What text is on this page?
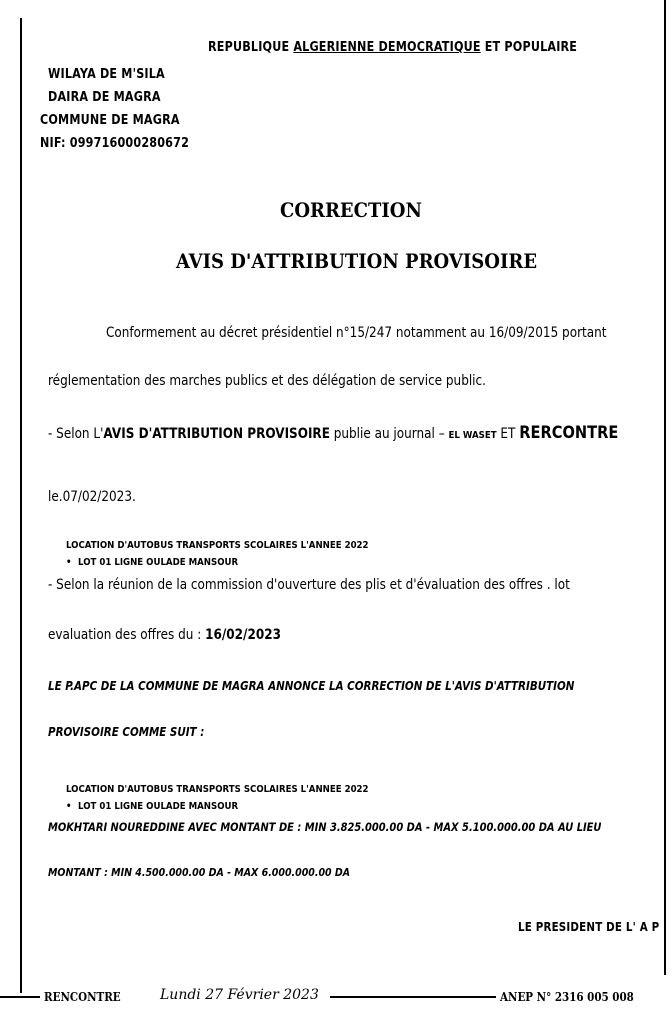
REPUBLIQUE ALGERIENNE DEMOCRATIQUE ET POPULAIRE
WILAYA DE M'SILA
DAIRA DE MAGRA
COMMUNE DE MAGRA
NIF: 099716000280672
CORRECTION
AVIS D'ATTRIBUTION PROVISOIRE
Conformement au décret présidentiel n°15/247 notamment au 16/09/2015 portant
réglementation des marches publics et des délégation de service public.
- Selon L'AVIS D'ATTRIBUTION PROVISOIRE publie au journal – EL WASET ET RERCONTRE
le.07/02/2023.
LOCATION D'AUTOBUS TRANSPORTS SCOLAIRES L'ANNEE 2022
• LOT 01 LIGNE OULADE MANSOUR
- Selon la réunion de la commission d'ouverture des plis et d'évaluation des offres . lot
evaluation des offres du : 16/02/2023
LE P.APC DE LA COMMUNE DE MAGRA ANNONCE LA CORRECTION DE L'AVIS D'ATTRIBUTION
PROVISOIRE COMME SUIT :
LOCATION D'AUTOBUS TRANSPORTS SCOLAIRES L'ANNEE 2022
• LOT 01 LIGNE OULADE MANSOUR
MOKHTARI NOUREDDINE AVEC MONTANT DE : MIN 3.825.000.00 DA - MAX 5.100.000.00 DA AU LIEU
MONTANT : MIN 4.500.000.00 DA - MAX 6.000.000.00 DA
LE PRESIDENT DE L' A P .
RENCONTRE	Lundi 27 Février 2023	ANEP N° 2316 005 008
